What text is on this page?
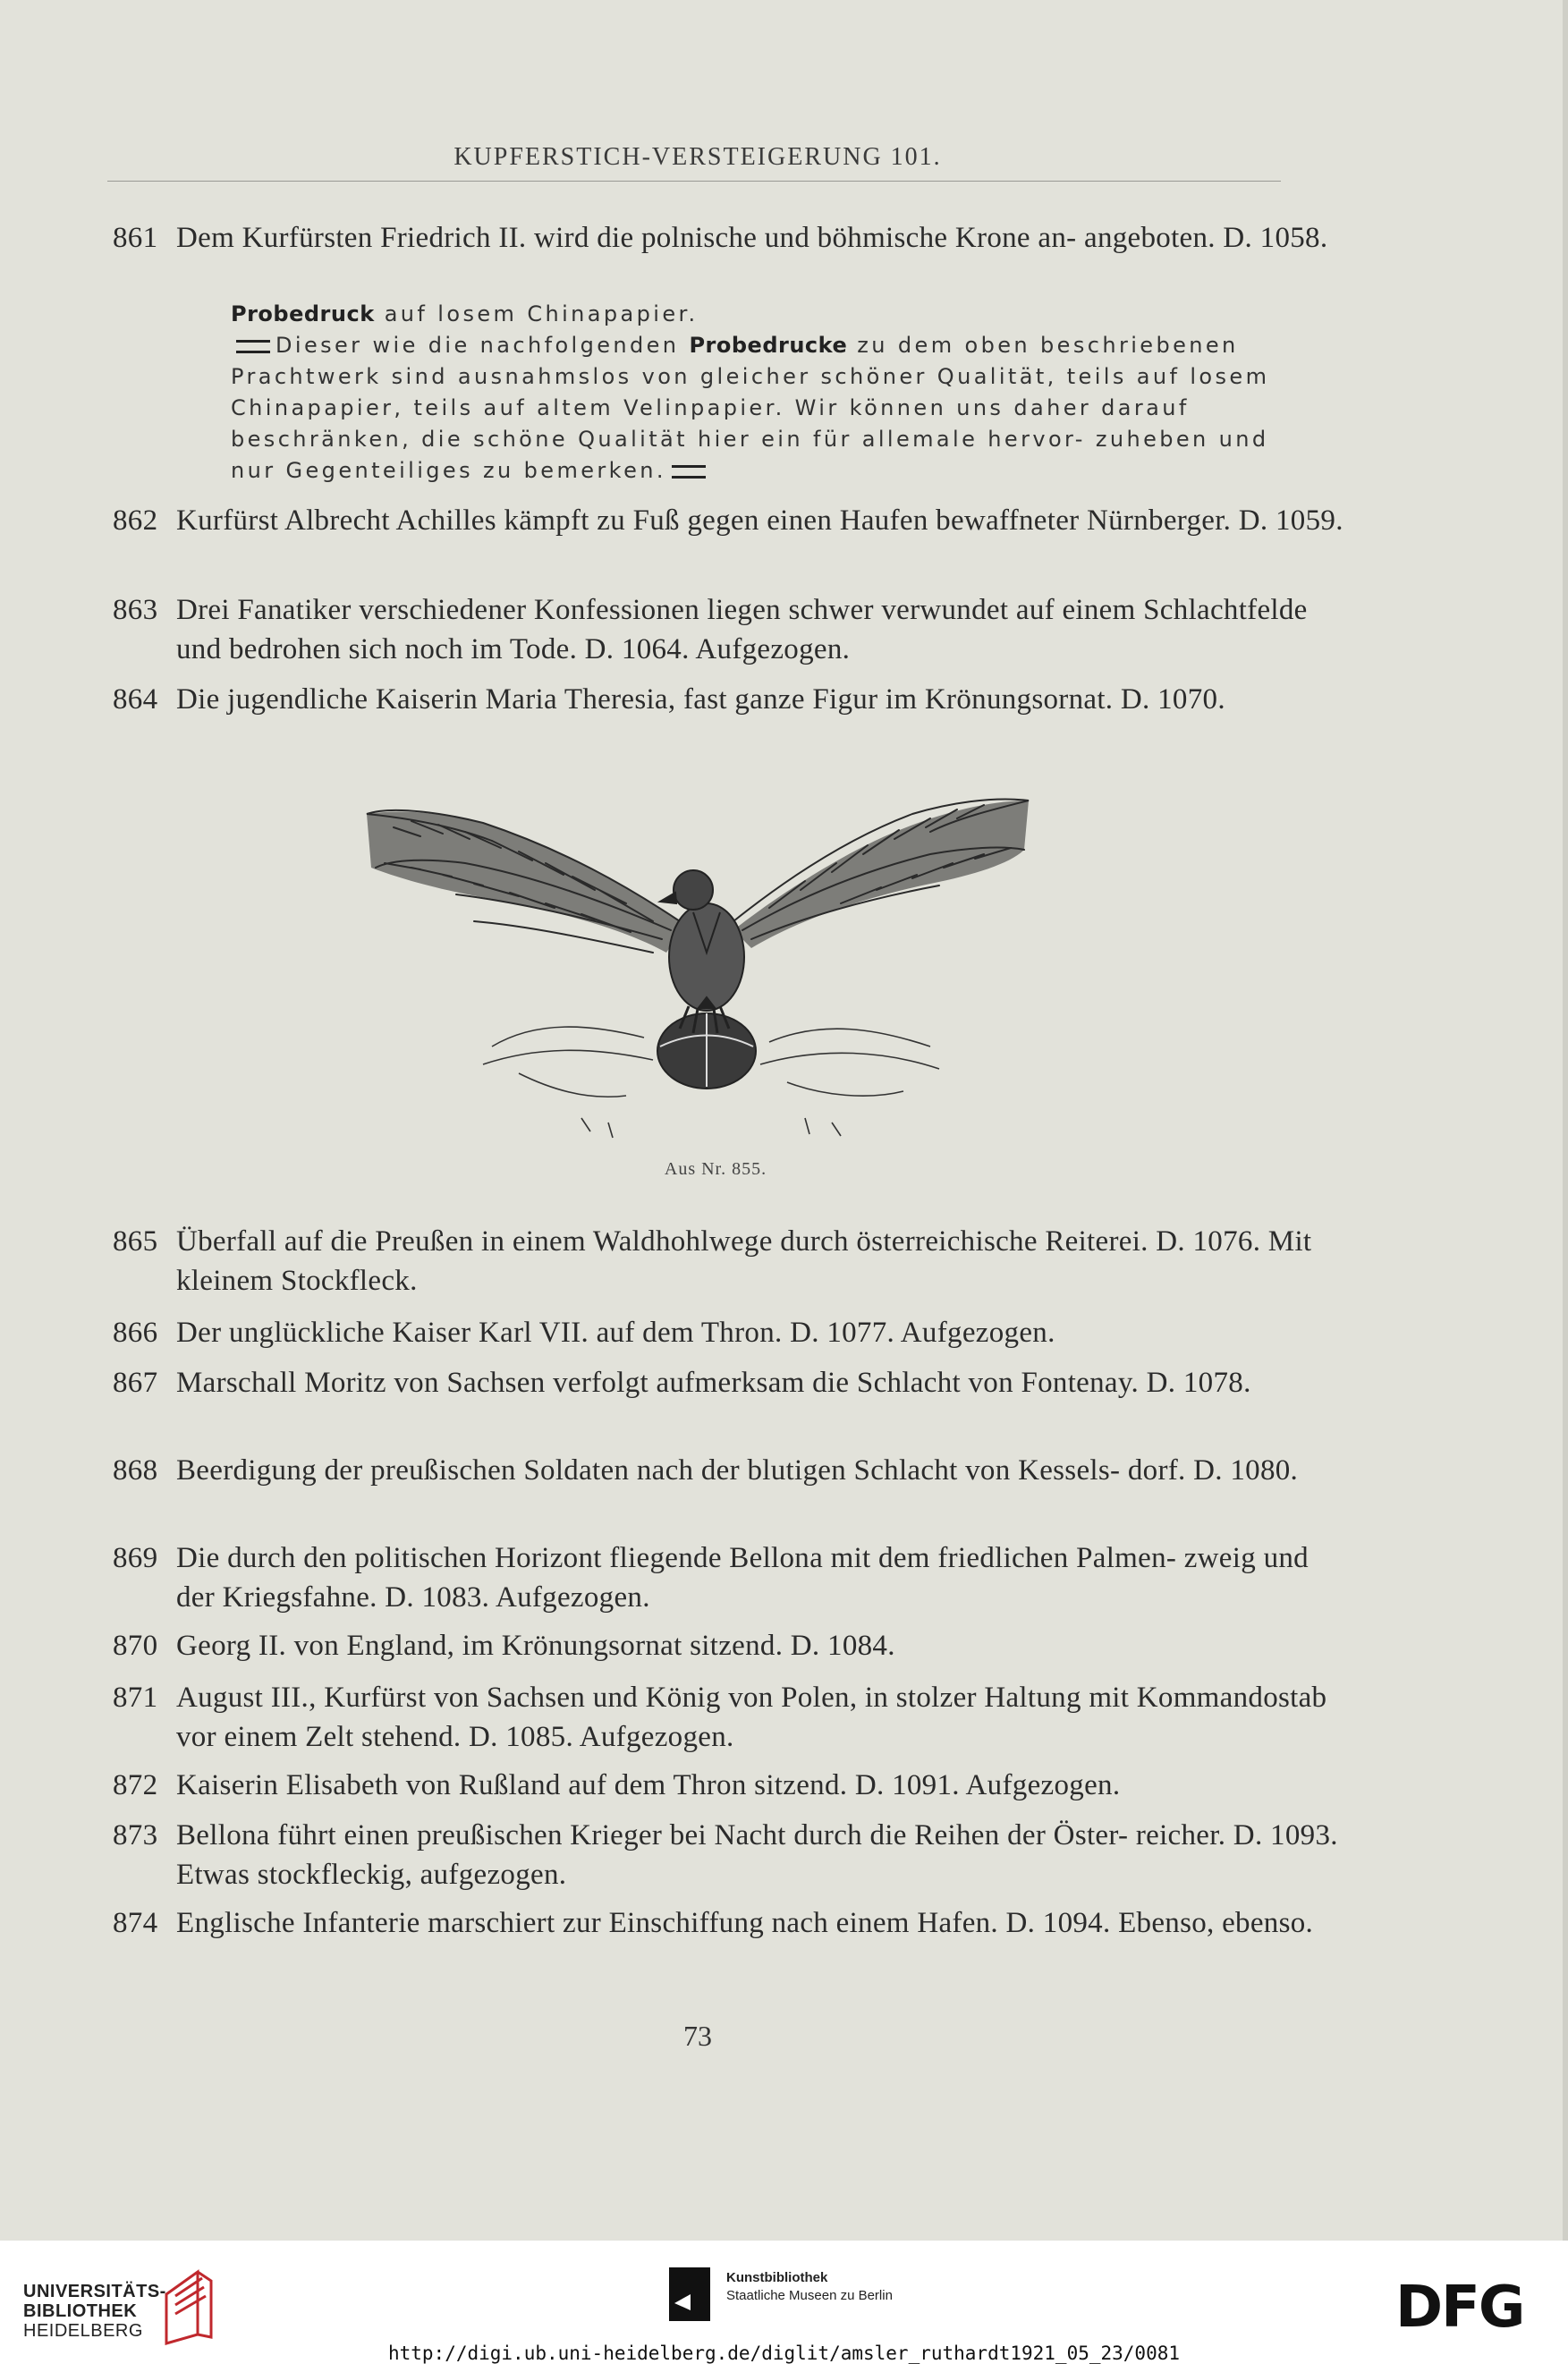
KUPFERSTICH-VERSTEIGERUNG 101.
861 Dem Kurfürsten Friedrich II. wird die polnische und böhmische Krone an- angeboten. D. 1058.
Probedruck auf losem Chinapapier.
Dieser wie die nachfolgenden Probedrucke zu dem oben beschriebenen Prachtwerk sind ausnahmslos von gleicher schöner Qualität, teils auf losem Chinapapier, teils auf altem Velinpapier. Wir können uns daher darauf beschränken, die schöne Qualität hier ein für allemale hervor- zuheben und nur Gegenteiliges zu bemerken.
862 Kurfürst Albrecht Achilles kämpft zu Fuß gegen einen Haufen bewaffneter Nürnberger. D. 1059.
863 Drei Fanatiker verschiedener Konfessionen liegen schwer verwundet auf einem Schlachtfelde und bedrohen sich noch im Tode. D. 1064. Aufgezogen.
864 Die jugendliche Kaiserin Maria Theresia, fast ganze Figur im Krönungsornat. D. 1070.
Aus Nr. 855.
865 Überfall auf die Preußen in einem Waldhohlwege durch österreichische Reiterei. D. 1076. Mit kleinem Stockfleck.
866 Der unglückliche Kaiser Karl VII. auf dem Thron. D. 1077. Aufgezogen.
867 Marschall Moritz von Sachsen verfolgt aufmerksam die Schlacht von Fontenay. D. 1078.
868 Beerdigung der preußischen Soldaten nach der blutigen Schlacht von Kessels- dorf. D. 1080.
869 Die durch den politischen Horizont fliegende Bellona mit dem friedlichen Palmen- zweig und der Kriegsfahne. D. 1083. Aufgezogen.
870 Georg II. von England, im Krönungsornat sitzend. D. 1084.
871 August III., Kurfürst von Sachsen und König von Polen, in stolzer Haltung mit Kommandostab vor einem Zelt stehend. D. 1085. Aufgezogen.
872 Kaiserin Elisabeth von Rußland auf dem Thron sitzend. D. 1091. Aufgezogen.
873 Bellona führt einen preußischen Krieger bei Nacht durch die Reihen der Öster- reicher. D. 1093. Etwas stockfleckig, aufgezogen.
874 Englische Infanterie marschiert zur Einschiffung nach einem Hafen. D. 1094. Ebenso, ebenso.
73
UNIVERSITÄTS-
BIBLIOTHEK
HEIDELBERG
Kunstbibliothek
Staatliche Museen zu Berlin	DFG
http://digi.ub.uni-heidelberg.de/diglit/amsler_ruthardt1921_05_23/0081
